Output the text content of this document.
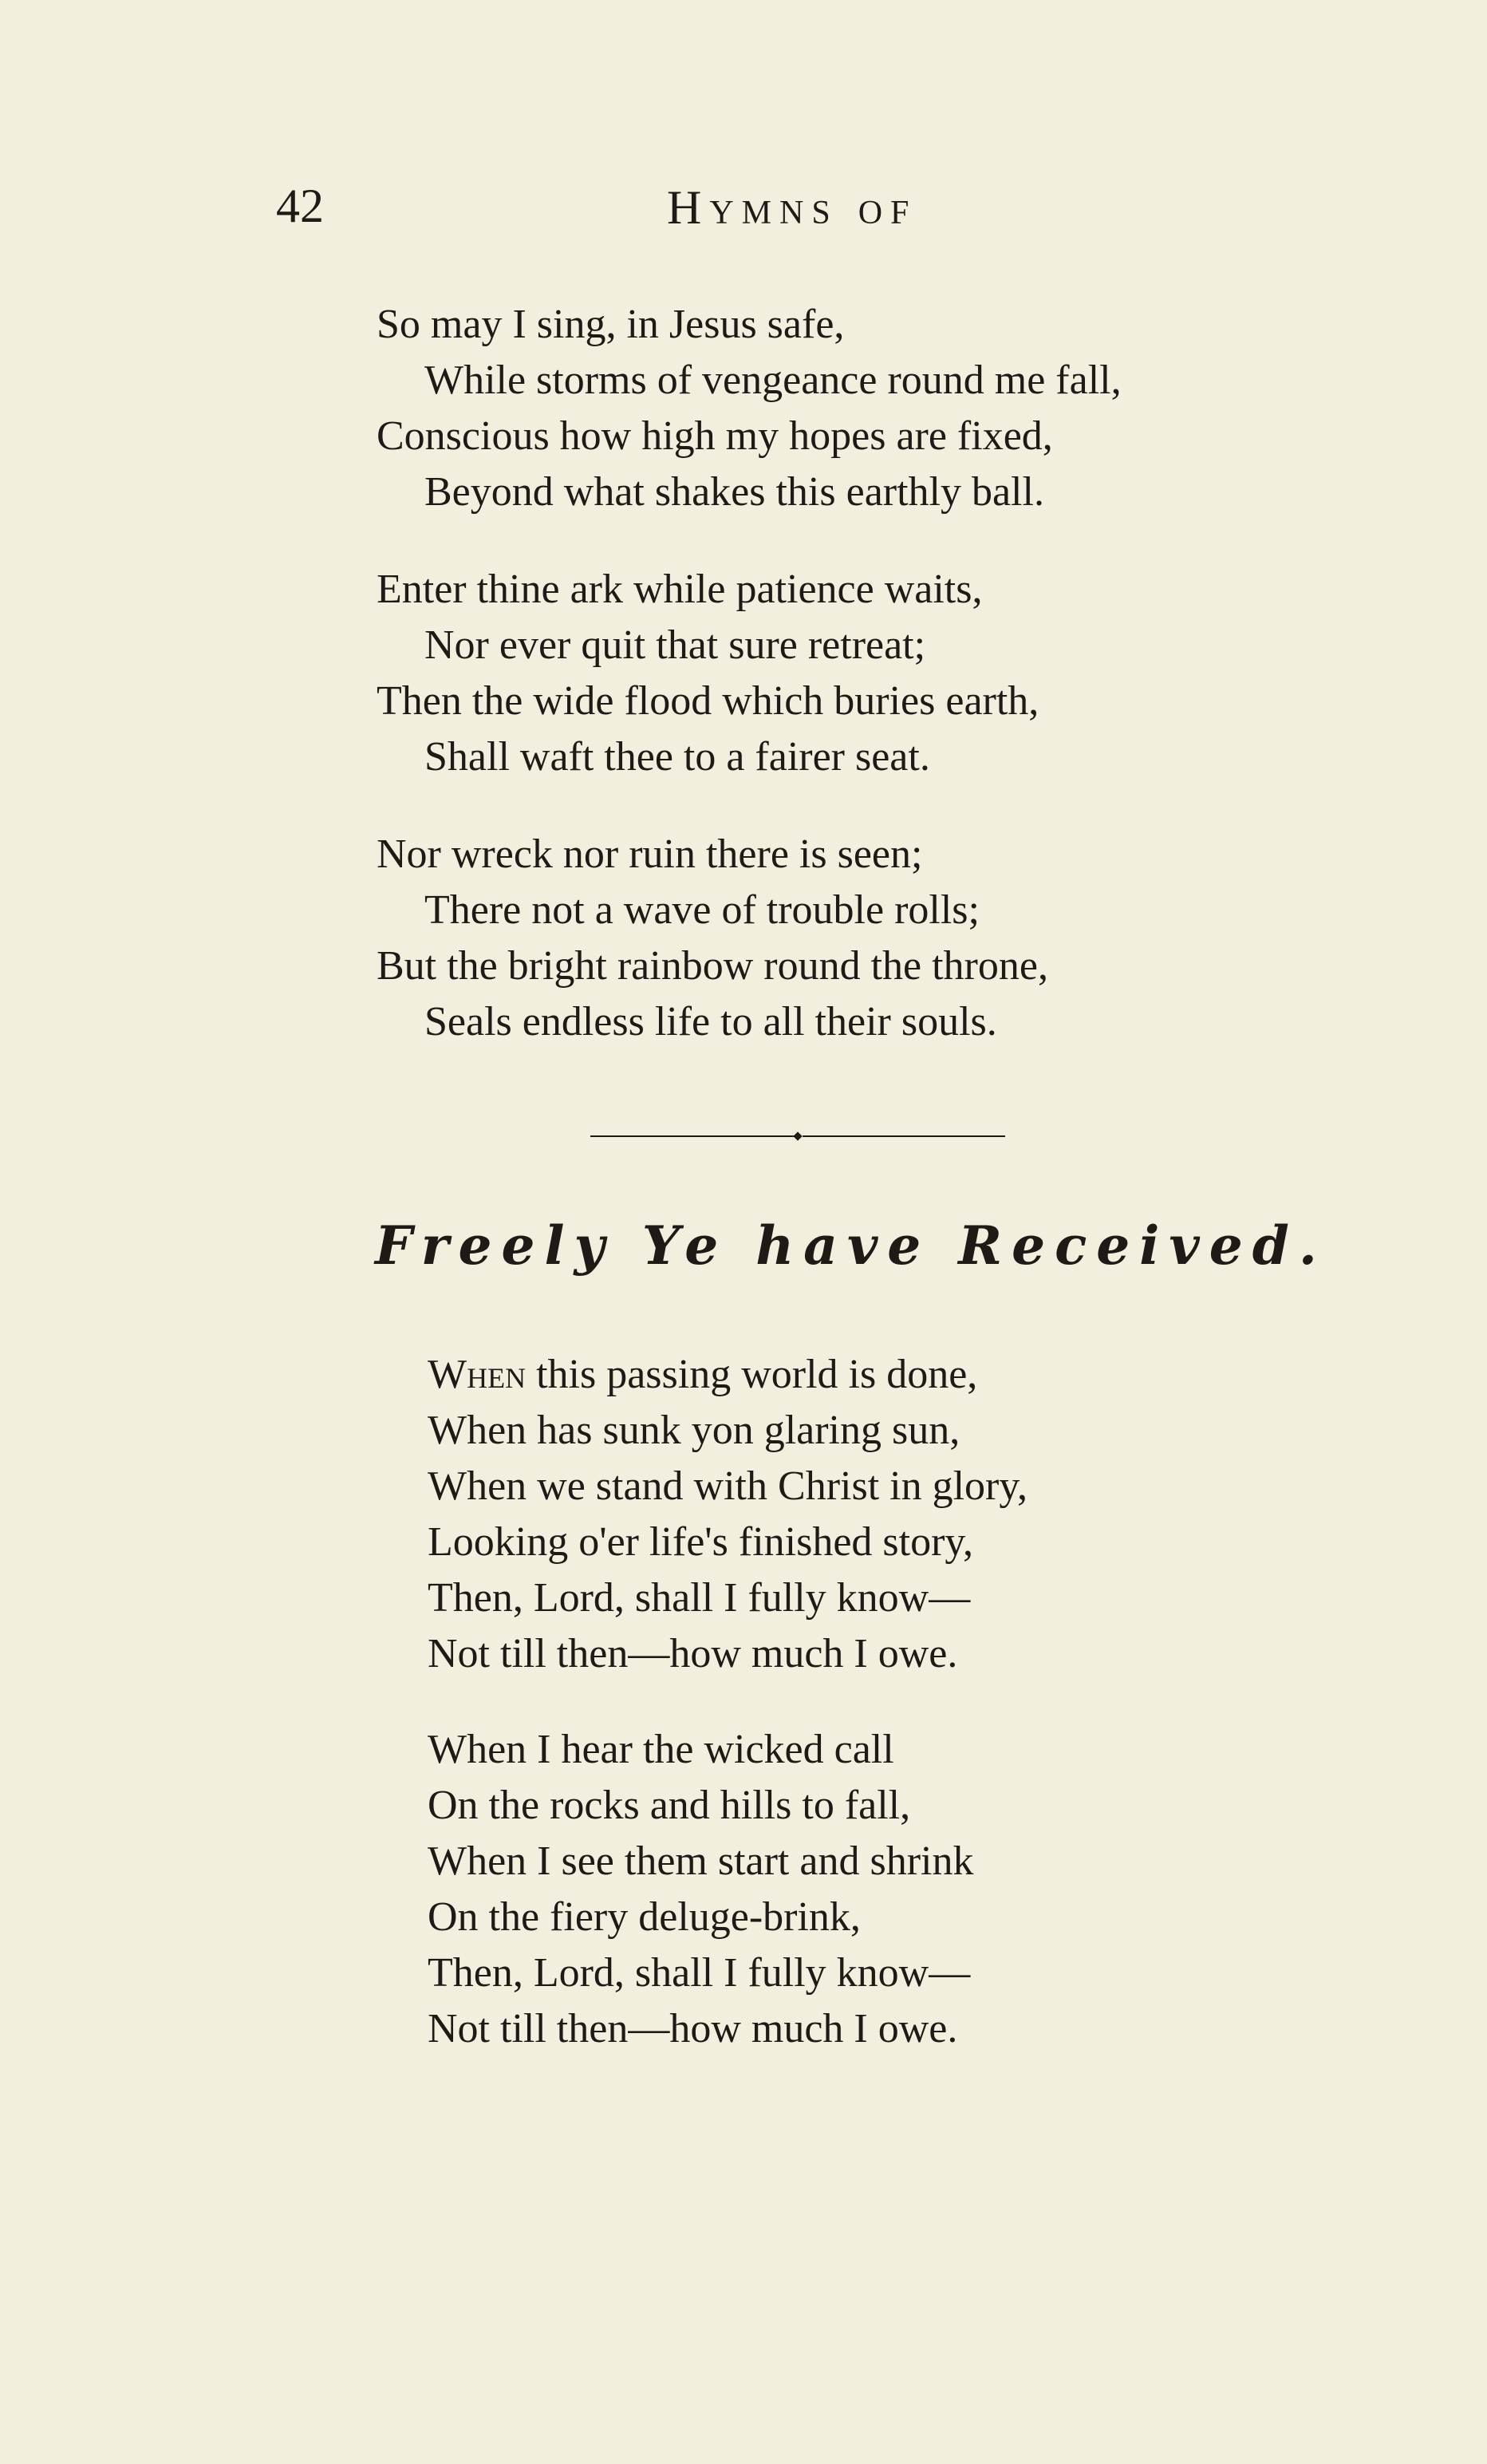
42	Hymns of
So may I sing, in Jesus safe,
While storms of vengeance round me fall,
Conscious how high my hopes are fixed,
Beyond what shakes this earthly ball.
Enter thine ark while patience waits,
Nor ever quit that sure retreat;
Then the wide flood which buries earth,
Shall waft thee to a fairer seat.
Nor wreck nor ruin there is seen;
There not a wave of trouble rolls;
But the bright rainbow round the throne,
Seals endless life to all their souls.
Freely Ye have Received.
When this passing world is done,
When has sunk yon glaring sun,
When we stand with Christ in glory,
Looking o'er life's finished story,
Then, Lord, shall I fully know—
Not till then—how much I owe.
When I hear the wicked call
On the rocks and hills to fall,
When I see them start and shrink
On the fiery deluge-brink,
Then, Lord, shall I fully know—
Not till then—how much I owe.
